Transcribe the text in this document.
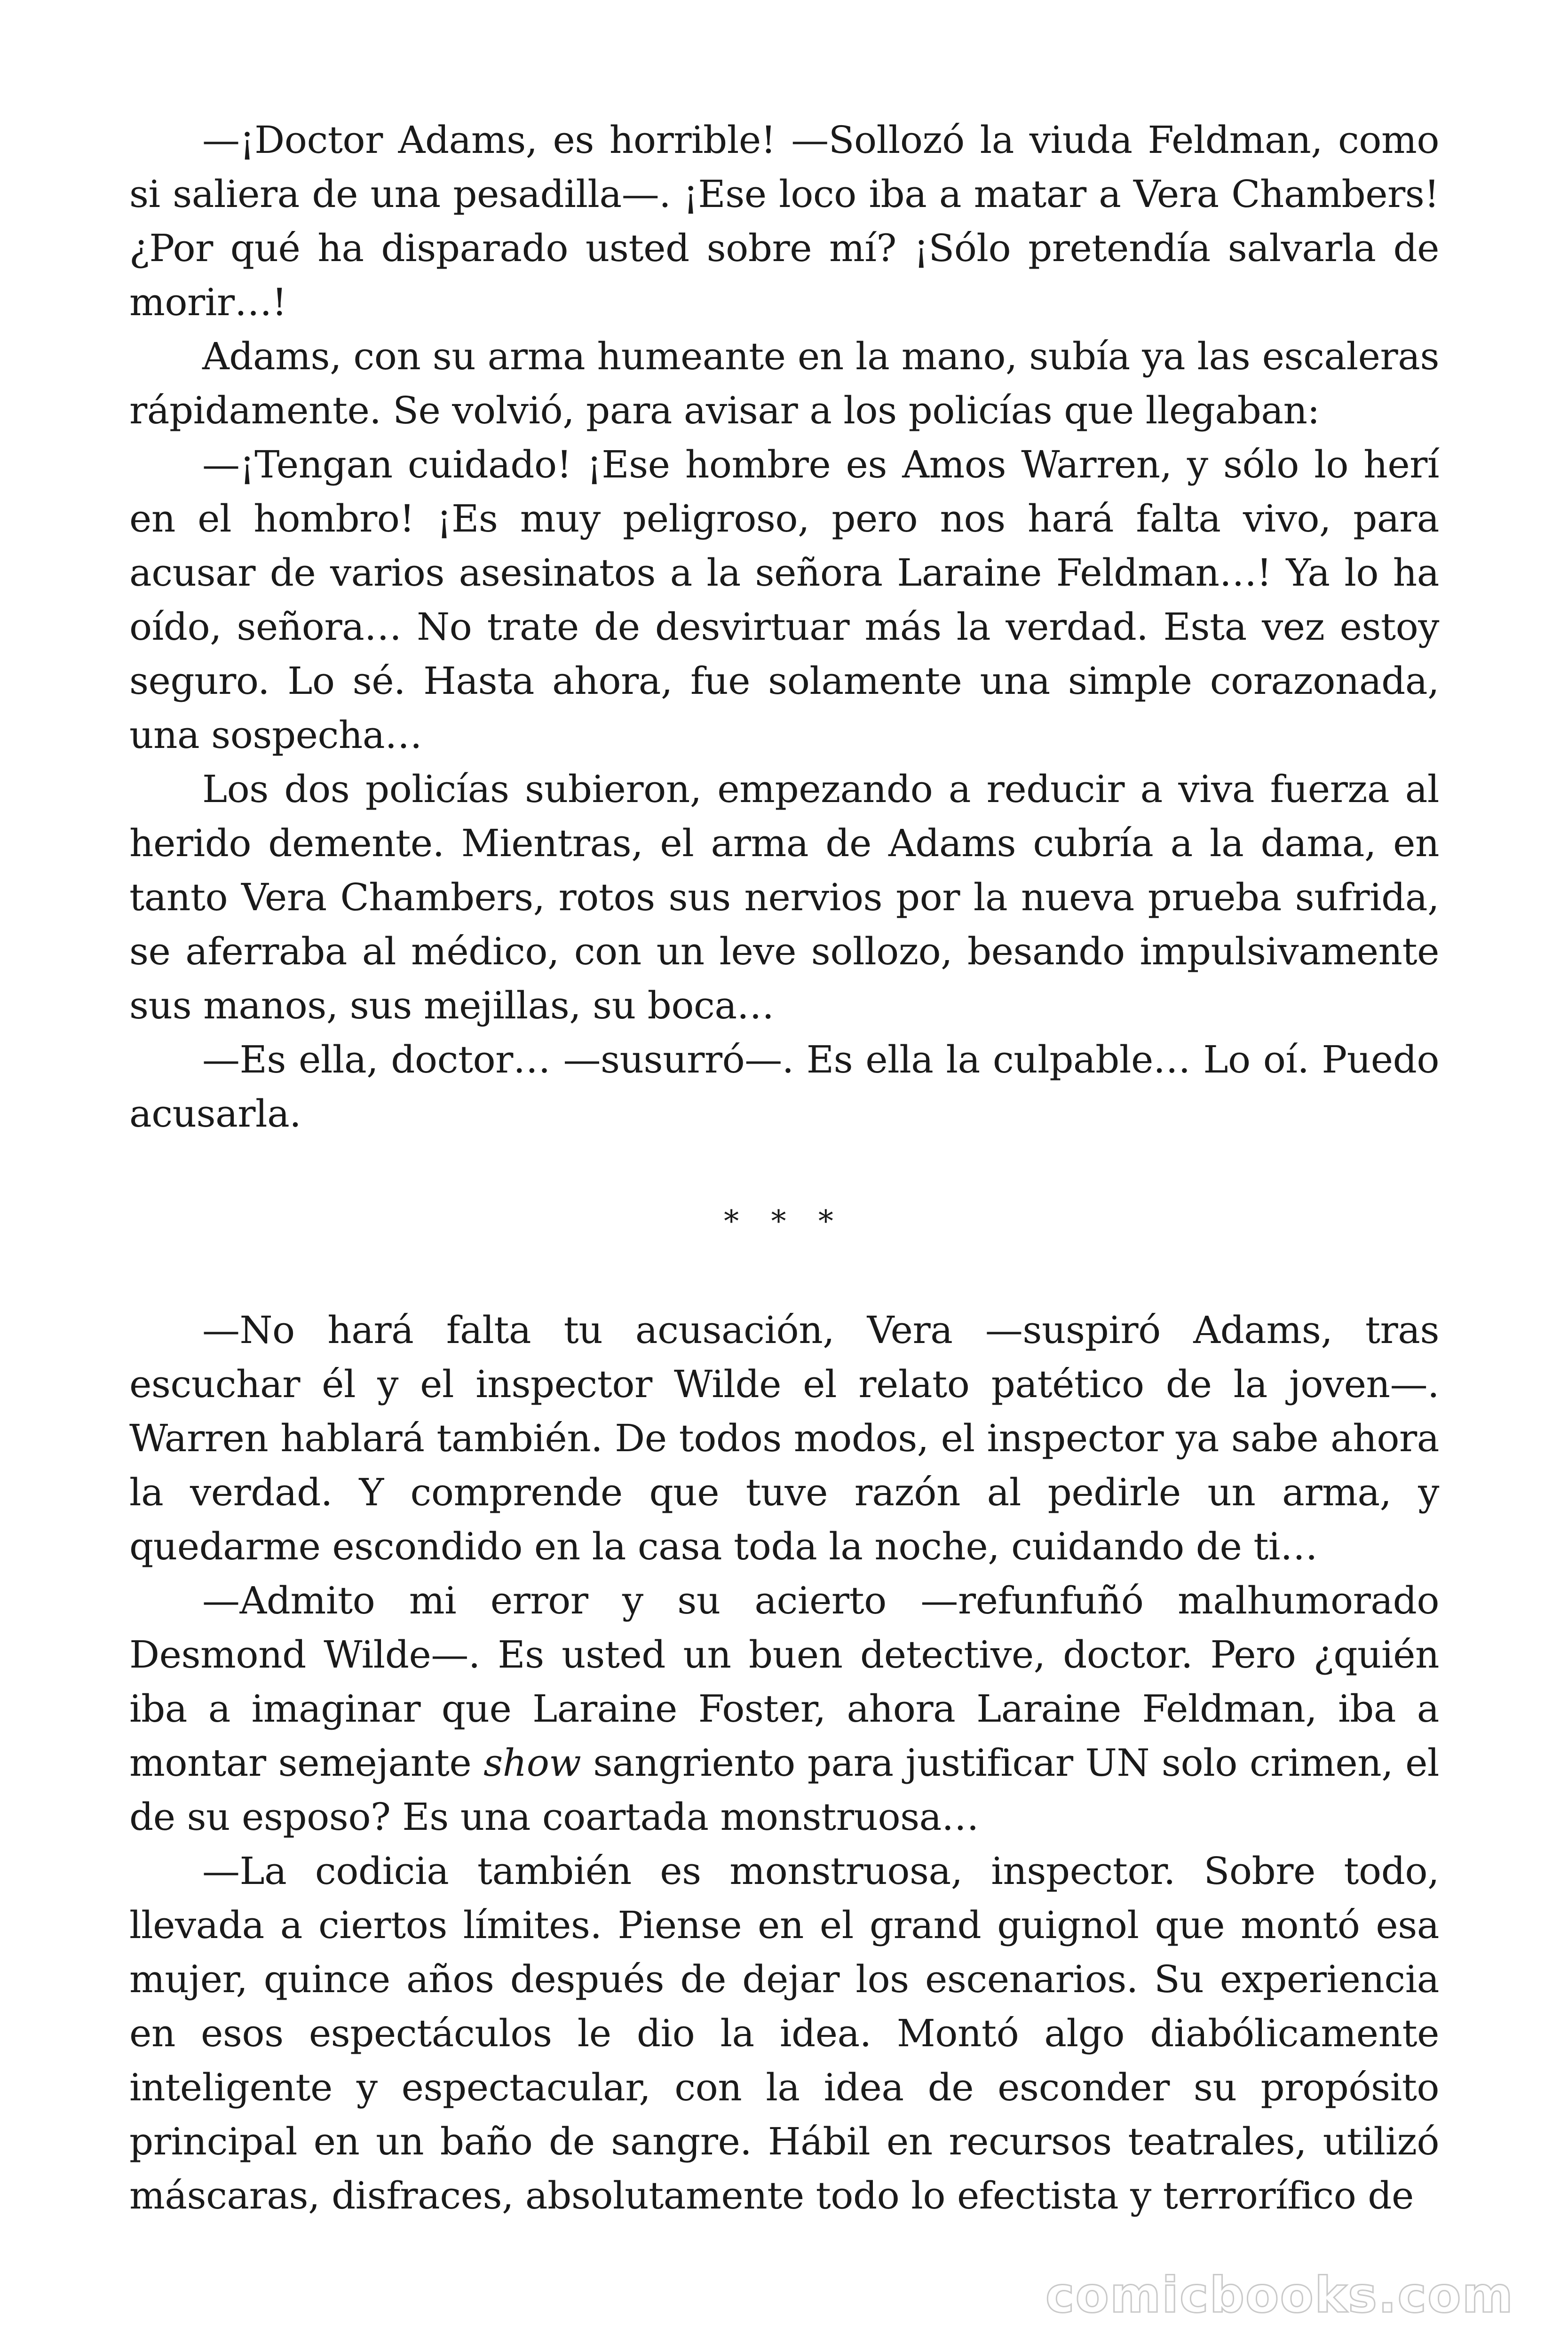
—¡Doctor Adams, es horrible! —Sollozó la viuda Feldman, como si saliera de una pesadilla—. ¡Ese loco iba a matar a Vera Chambers! ¿Por qué ha disparado usted sobre mí? ¡Sólo pretendía salvarla de morir…!

Adams, con su arma humeante en la mano, subía ya las escaleras rápidamente. Se volvió, para avisar a los policías que llegaban:

—¡Tengan cuidado! ¡Ese hombre es Amos Warren, y sólo lo herí en el hombro! ¡Es muy peligroso, pero nos hará falta vivo, para acusar de varios asesinatos a la señora Laraine Feldman…! Ya lo ha oído, señora… No trate de desvirtuar más la verdad. Esta vez estoy seguro. Lo sé. Hasta ahora, fue solamente una simple corazonada, una sospecha…

Los dos policías subieron, empezando a reducir a viva fuerza al herido demente. Mientras, el arma de Adams cubría a la dama, en tanto Vera Chambers, rotos sus nervios por la nueva prueba sufrida, se aferraba al médico, con un leve sollozo, besando impulsivamente sus manos, sus mejillas, su boca…

—Es ella, doctor… —susurró—. Es ella la culpable… Lo oí. Puedo acusarla.

* * *

—No hará falta tu acusación, Vera —suspiró Adams, tras escuchar él y el inspector Wilde el relato patético de la joven—. Warren hablará también. De todos modos, el inspector ya sabe ahora la verdad. Y comprende que tuve razón al pedirle un arma, y quedarme escondido en la casa toda la noche, cuidando de ti…

—Admito mi error y su acierto —refunfuñó malhumorado Desmond Wilde—. Es usted un buen detective, doctor. Pero ¿quién iba a imaginar que Laraine Foster, ahora Laraine Feldman, iba a montar semejante show sangriento para justificar UN solo crimen, el de su esposo? Es una coartada monstruosa…

—La codicia también es monstruosa, inspector. Sobre todo, llevada a ciertos límites. Piense en el grand guignol que montó esa mujer, quince años después de dejar los escenarios. Su experiencia en esos espectáculos le dio la idea. Montó algo diabólicamente inteligente y espectacular, con la idea de esconder su propósito principal en un baño de sangre. Hábil en recursos teatrales, utilizó máscaras, disfraces, absolutamente todo lo efectista y terrorífico de

comicbooks.com
